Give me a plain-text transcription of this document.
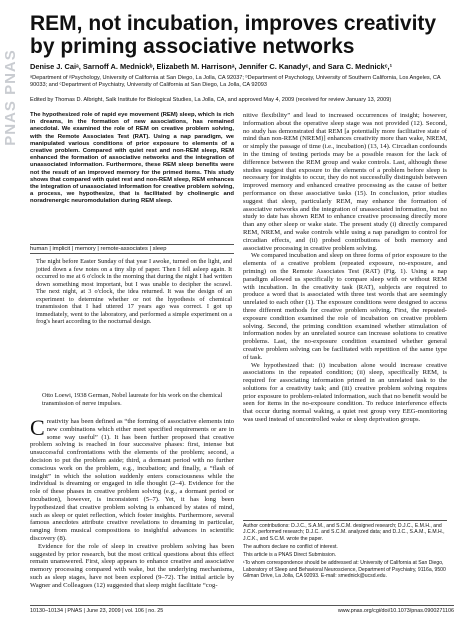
PNAS PNAS
REM, not incubation, improves creativity by priming associative networks
Denise J. Caiᵃ, Sarnoff A. Mednickᵇ, Elizabeth M. Harrisonᵃ, Jennifer C. Kanadyᶜ, and Sara C. Mednickᶜ,¹
ᵃDepartment of ᵖPsychology, University of California at San Diego, La Jolla, CA 92037; ᵇDepartment of Psychology, University of Southern California, Los Angeles, CA 90033; and ᶜDepartment of Psychiatry, University of California at San Diego, La Jolla, CA 92093
Edited by Thomas D. Albright, Salk Institute for Biological Studies, La Jolla, CA, and approved May 4, 2009 (received for review January 13, 2009)
The hypothesized role of rapid eye movement (REM) sleep, which is rich in dreams, in the formation of new associations, has remained anecdotal. We examined the role of REM on creative problem solving, with the Remote Associates Test (RAT). Using a nap paradigm, we manipulated various conditions of prior exposure to elements of a creative problem. Compared with quiet rest and non-REM sleep, REM enhanced the formation of associative networks and the integration of unassociated information. Furthermore, these REM sleep benefits were not the result of an improved memory for the primed items. This study shows that compared with quiet rest and non-REM sleep, REM enhances the integration of unassociated information for creative problem solving, a process, we hypothesize, that is facilitated by cholinergic and noradrenergic neuromodulation during REM sleep.
human | implicit | memory | remote-associates | sleep
The night before Easter Sunday of that year I awoke, turned on the light, and jotted down a few notes on a tiny slip of paper. Then I fell asleep again. It occurred to me at 6 o'clock in the morning that during the night I had written down something most important, but I was unable to decipher the scrawl. The next night, at 3 o'clock, the idea returned. It was the design of an experiment to determine whether or not the hypothesis of chemical transmission that I had uttered 17 years ago was correct. I got up immediately, went to the laboratory, and performed a simple experiment on a frog's heart according to the nocturnal design.
Otto Loewi, 1938 German, Nobel laureate for his work on the chemical transmission of nerve impulses.

Creativity has been defined as “the forming of associative elements into new combinations which either meet specified requirements or are in some way useful” (1). It has been further proposed that creative problem solving is reached in four successive phases: first, intense but unsuccessful confrontations with the elements of the problem; second, a decision to put the problem aside; third, a dormant period with no further conscious work on the problem, e.g., incubation; and finally, a “flash of insight” in which the solution suddenly enters consciousness while the individual is dreaming or engaged in idle thought (2–4). Evidence for the role of these phases in creative problem solving (e.g., a dormant period or incubation), however, is inconsistent (5–7). Yet, it has long been hypothesized that creative problem solving is enhanced by states of mind, such as sleep or quiet reflection, which foster insights. Furthermore, several famous anecdotes attribute creative revelations to dreaming in particular, ranging from musical compositions to insightful advances in scientific discovery (8).

Evidence for the role of sleep in creative problem solving has been suggested by prior research, but the most critical questions about this effect remain unanswered. First, sleep appears to enhance creative and associative memory processing compared with wake, but the underlying mechanisms, such as sleep stages, have not been explored (9–72). The initial article by Wagner and Colleagues (12) suggested that sleep might facilitate “cog-

nitive flexibility” and lead to increased occurrences of insight; however, information about the operative sleep stage was not provided (12). Second, no study has demonstrated that REM [a potentially more facilitative state of mind than non-REM (NREM)] enhances creativity more than wake, NREM, or simply the passage of time (i.e., incubation) (13, 14). Circadian confounds in the timing of testing periods may be a possible reason for the lack of difference between the REM group and wake controls. Last, although these studies suggest that exposure to the elements of a problem before sleep is necessary for insights to occur, they do not successfully distinguish between improved memory and enhanced creative processing as the cause of better performance on these associative tasks (15). In conclusion, prior studies suggest that sleep, particularly REM, may enhance the formation of associative networks and the integration of unassociated information, but no study to date has shown REM to enhance creative processing directly more than any other sleep or wake state. The present study (i) directly compared REM, NREM, and wake controls while using a nap paradigm to control for circadian effects, and (ii) probed contributions of both memory and associative processing in creative problem solving.

We compared incubation and sleep on three forms of prior exposure to the elements of a creative problem (repeated exposure, no-exposure, and priming) on the Remote Associates Test (RAT) (Fig. 1). Using a nap paradigm allowed us specifically to compare sleep with or without REM with incubation. In the creativity task (RAT), subjects are required to produce a word that is associated with three test words that are seemingly unrelated to each other (1). The exposure conditions were designed to access three different methods for creative problem solving. First, the repeated-exposure condition examined the role of incubation on creative problem solving. Second, the priming condition examined whether stimulation of information nodes by an unrelated source can increase solutions to creative problems. Last, the no-exposure condition examined whether general creative problem solving can be facilitated with repetition of the same type of task.

We hypothesized that: (i) incubation alone would increase creative associations in the repeated condition; (ii) sleep, specifically REM, is required for associating information primed in an unrelated task to the solutions for a creativity task; and (iii) creative problem solving requires prior exposure to problem-related information, such that no benefit would be seen for items in the no-exposure condition. To reduce interference effects that occur during normal waking, a quiet rest group very EEG-monitoring was used instead of uncontrolled wake or sleep deprivation groups.

Author contributions: D.J.C., S.A.M., and S.C.M. designed research; D.J.C., E.M.H., and J.C.K. performed research; D.J.C. and S.C.M. analyzed data; and D.J.C., S.A.M., E.M.H., J.C.K., and S.C.M. wrote the paper.
The authors declare no conflict of interest.
This article is a PNAS Direct Submission.
¹To whom correspondence should be addressed at: University of California at San Diego, Laboratory of Sleep and Behavioral Neuroscience, Department of Psychiatry, 9116a, 9500 Gilman Drive, La Jolla, CA 92093. E-mail: smednick@ucsd.edu.
10130–10134 | PNAS | June 23, 2009 | vol. 106 | no. 25	www.pnas.org/cgi/doi/10.1073/pnas.0900271106
